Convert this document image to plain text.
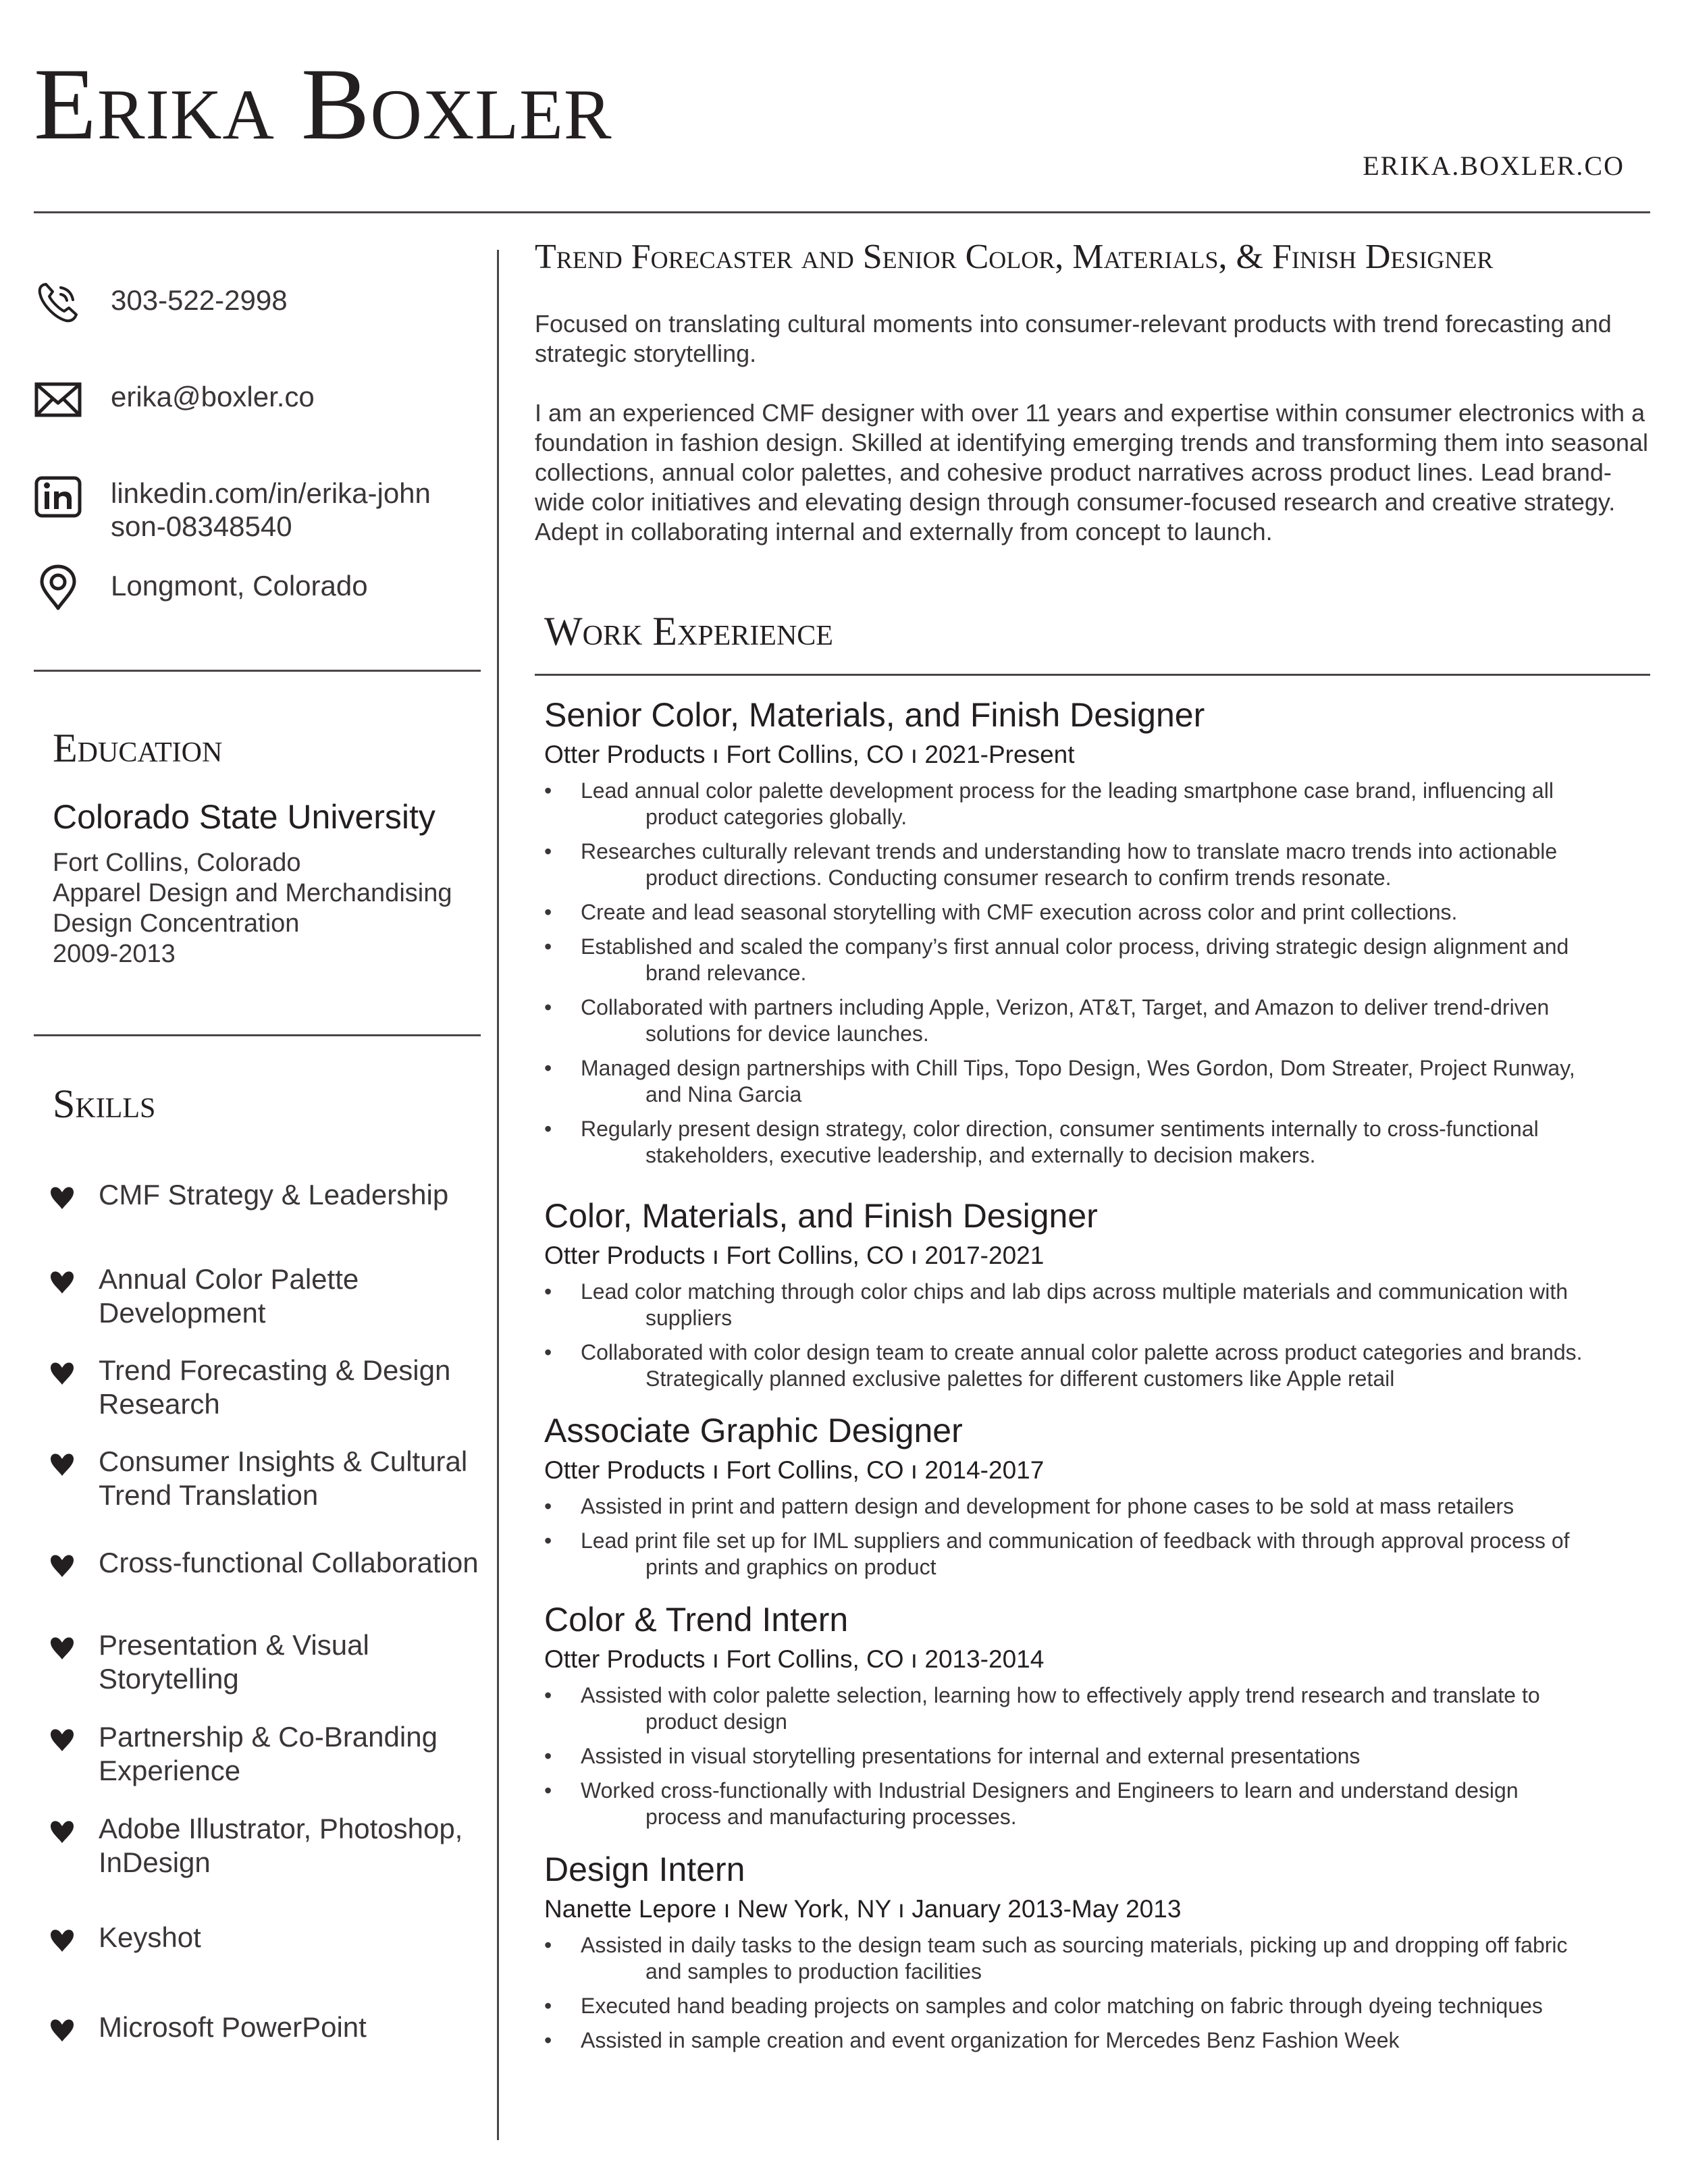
Erika Boxler
ERIKA.BOXLER.CO
303-522-2998
erika@boxler.co
linkedin.com/in/erika-johnson-08348540
Longmont, Colorado
Education
Colorado State University
Fort Collins, Colorado
Apparel Design and Merchandising
Design Concentration
2009-2013
Skills
CMF Strategy & Leadership
Annual Color Palette Development
Trend Forecasting & Design Research
Consumer Insights & Cultural Trend Translation
Cross-functional Collaboration
Presentation & Visual Storytelling
Partnership & Co-Branding Experience
Adobe Illustrator, Photoshop, InDesign
Keyshot
Microsoft PowerPoint
Trend Forecaster and Senior Color, Materials, & Finish Designer
Focused on translating cultural moments into consumer-relevant products with trend forecasting and strategic storytelling.
I am an experienced CMF designer with over 11 years and expertise within consumer electronics with a foundation in fashion design. Skilled at identifying emerging trends and transforming them into seasonal collections, annual color palettes, and cohesive product narratives across product lines. Lead brand-wide color initiatives and elevating design through consumer-focused research and creative strategy. Adept in collaborating internal and externally from concept to launch.
Work Experience
Senior Color, Materials, and Finish Designer
Otter Products ı Fort Collins, CO ı 2021-Present
• Lead annual color palette development process for the leading smartphone case brand, influencing all
product categories globally.
• Researches culturally relevant trends and understanding how to translate macro trends into actionable
product directions. Conducting consumer research to confirm trends resonate.
• Create and lead seasonal storytelling with CMF execution across color and print collections.
• Established and scaled the company’s first annual color process, driving strategic design alignment and
brand relevance.
• Collaborated with partners including Apple, Verizon, AT&T, Target, and Amazon to deliver trend-driven
solutions for device launches.
• Managed design partnerships with Chill Tips, Topo Design, Wes Gordon, Dom Streater, Project Runway,
and Nina Garcia
• Regularly present design strategy, color direction, consumer sentiments internally to cross-functional
stakeholders, executive leadership, and externally to decision makers.
Color, Materials, and Finish Designer
Otter Products ı Fort Collins, CO ı 2017-2021
• Lead color matching through color chips and lab dips across multiple materials and communication with
suppliers
• Collaborated with color design team to create annual color palette across product categories and brands.
Strategically planned exclusive palettes for different customers like Apple retail
Associate Graphic Designer
Otter Products ı Fort Collins, CO ı 2014-2017
• Assisted in print and pattern design and development for phone cases to be sold at mass retailers
• Lead print file set up for IML suppliers and communication of feedback with through approval process of
prints and graphics on product
Color & Trend Intern
Otter Products ı Fort Collins, CO ı 2013-2014
• Assisted with color palette selection, learning how to effectively apply trend research and translate to
product design
• Assisted in visual storytelling presentations for internal and external presentations
• Worked cross-functionally with Industrial Designers and Engineers to learn and understand design
process and manufacturing processes.
Design Intern
Nanette Lepore ı New York, NY ı January 2013-May 2013
• Assisted in daily tasks to the design team such as sourcing materials, picking up and dropping off fabric
and samples to production facilities
• Executed hand beading projects on samples and color matching on fabric through dyeing techniques
• Assisted in sample creation and event organization for Mercedes Benz Fashion Week
